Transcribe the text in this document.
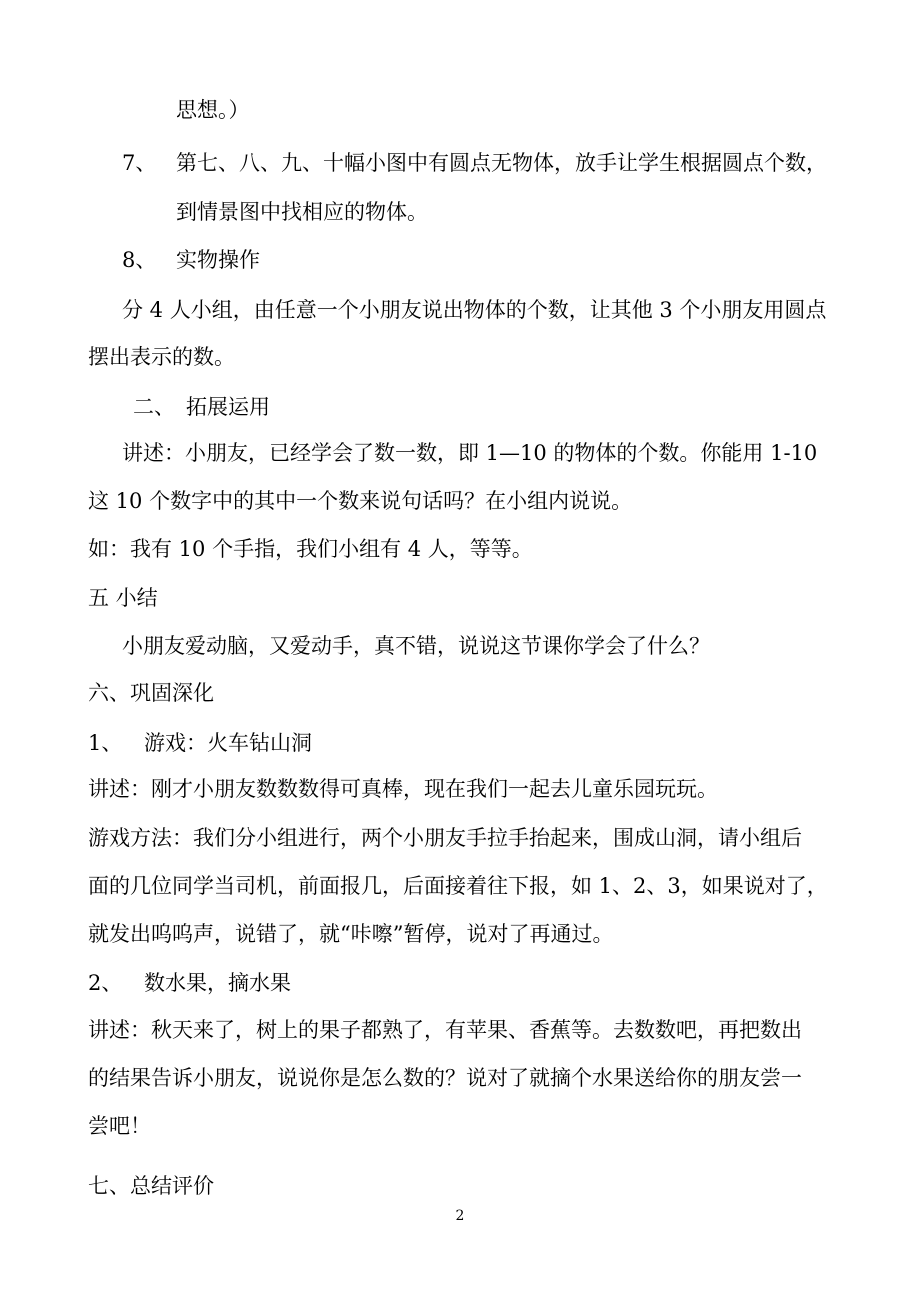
思想。）
7、 第七、八、九、十幅小图中有圆点无物体，放手让学生根据圆点个数，
到情景图中找相应的物体。
8、 实物操作
分 4 人小组，由任意一个小朋友说出物体的个数，让其他 3 个小朋友用圆点
摆出表示的数。
二、 拓展运用
讲述：小朋友，已经学会了数一数，即 1—10 的物体的个数。你能用 1-10
这 10 个数字中的其中一个数来说句话吗？在小组内说说。
如：我有 10 个手指，我们小组有 4 人，等等。
五 小结
小朋友爱动脑，又爱动手，真不错，说说这节课你学会了什么？
六、巩固深化
1、 游戏：火车钻山洞
讲述：刚才小朋友数数数得可真棒，现在我们一起去儿童乐园玩玩。
游戏方法：我们分小组进行，两个小朋友手拉手抬起来，围成山洞，请小组后
面的几位同学当司机，前面报几，后面接着往下报，如 1、2、3，如果说对了，
就发出呜呜声，说错了，就“咔嚓”暂停，说对了再通过。
2、 数水果，摘水果
讲述：秋天来了，树上的果子都熟了，有苹果、香蕉等。去数数吧，再把数出
的结果告诉小朋友，说说你是怎么数的？说对了就摘个水果送给你的朋友尝一
尝吧！
七、总结评价
2
